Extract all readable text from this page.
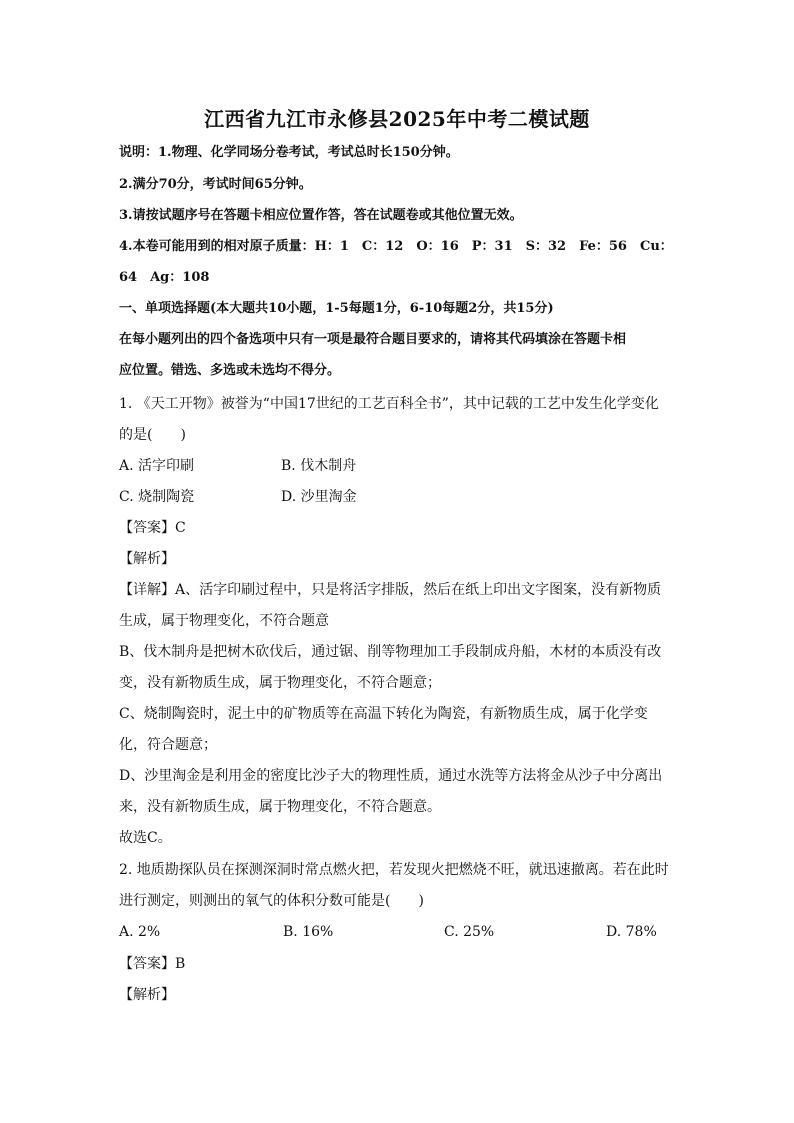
江西省九江市永修县2025年中考二模试题
说明：1.物理、化学同场分卷考试，考试总时长150分钟。
2.满分70分，考试时间65分钟。
3.请按试题序号在答题卡相应位置作答，答在试题卷或其他位置无效。
4.本卷可能用到的相对原子质量：H：1　C：12　O：16　P：31　S：32　Fe：56　Cu：
64　Ag：108
一、单项选择题(本大题共10小题，1-5每题1分，6-10每题2分，共15分)
在每小题列出的四个备选项中只有一项是最符合题目要求的，请将其代码填涂在答题卡相
应位置。错选、多选或未选均不得分。
1. 《天工开物》被誉为“中国17世纪的工艺百科全书”，其中记载的工艺中发生化学变化
的是(　　)
A. 活字印刷	B. 伐木制舟
C. 烧制陶瓷	D. 沙里淘金
【答案】C
【解析】
【详解】A、活字印刷过程中，只是将活字排版，然后在纸上印出文字图案，没有新物质
生成，属于物理变化，不符合题意
B、伐木制舟是把树木砍伐后，通过锯、削等物理加工手段制成舟船，木材的本质没有改
变，没有新物质生成，属于物理变化，不符合题意；
C、烧制陶瓷时，泥土中的矿物质等在高温下转化为陶瓷，有新物质生成，属于化学变
化，符合题意；
D、沙里淘金是利用金的密度比沙子大的物理性质，通过水洗等方法将金从沙子中分离出
来，没有新物质生成，属于物理变化，不符合题意。
故选C。
2. 地质勘探队员在探测深洞时常点燃火把，若发现火把燃烧不旺，就迅速撤离。若在此时
进行测定，则测出的氧气的体积分数可能是(　　)
A. 2%	B. 16%	C. 25%	D. 78%
【答案】B
【解析】
